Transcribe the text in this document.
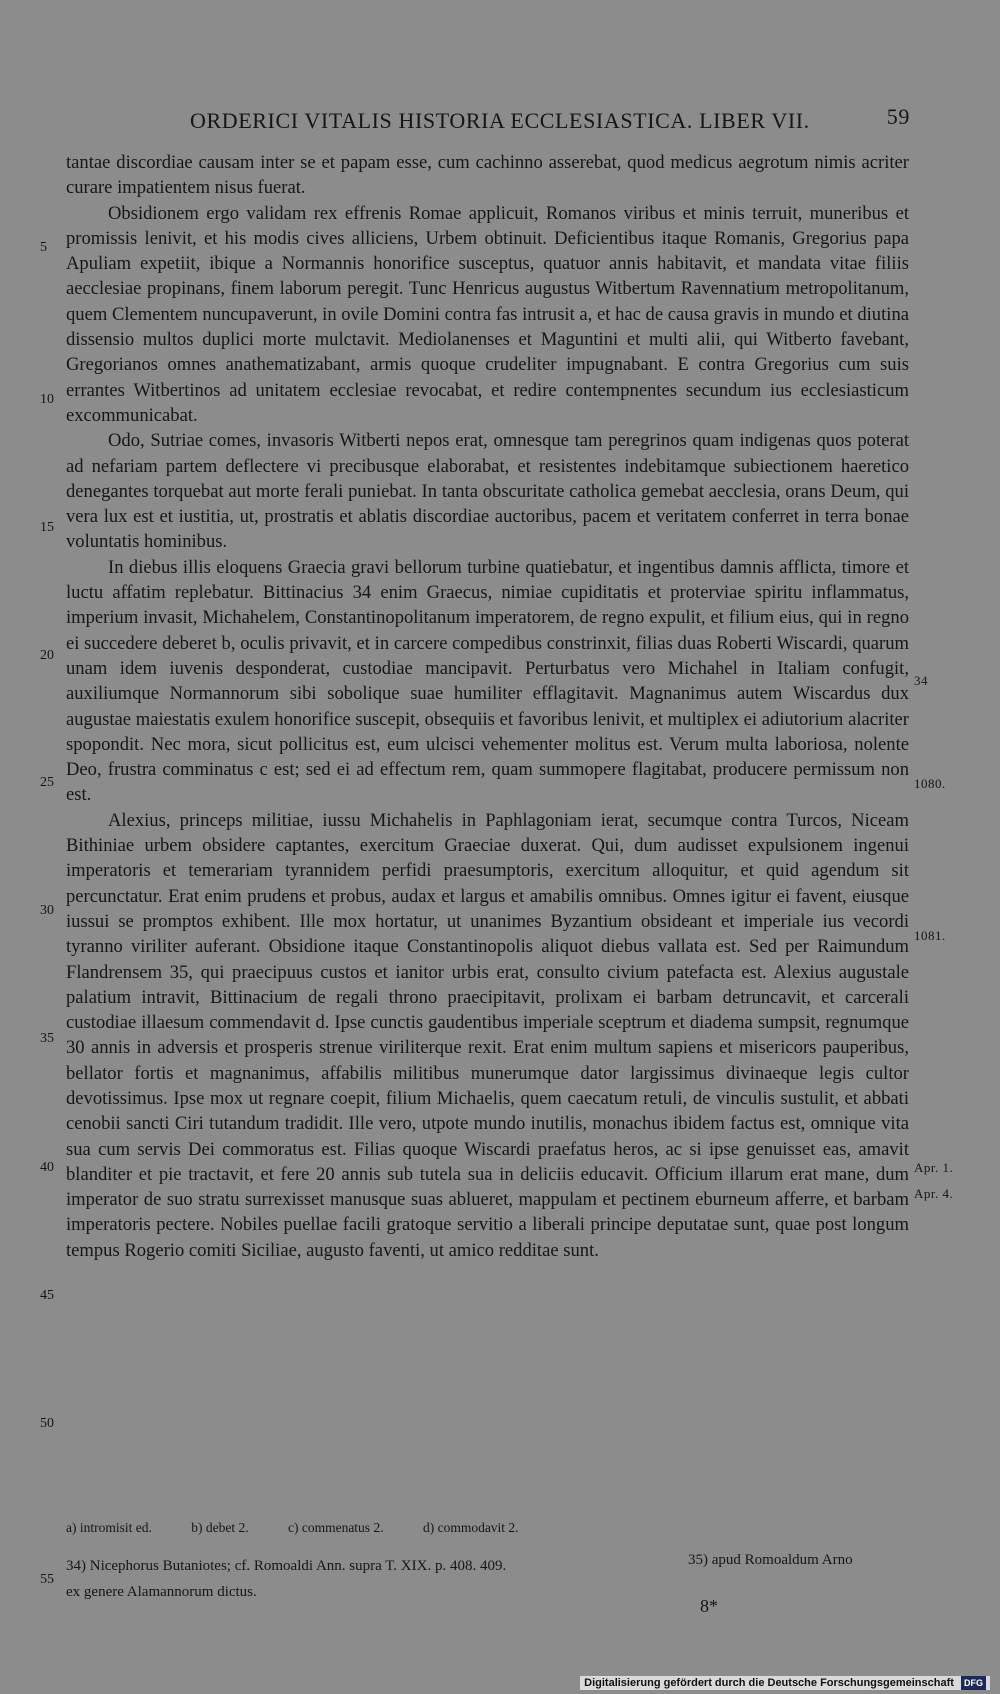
ORDERICI VITALIS HISTORIA ECCLESIASTICA. LIBER VII.	59

tantae discordiae causam inter se et papam esse, cum cachinno asserebat, quod medicus aegrotum nimis acriter curare impatientem nisus fuerat.

Obsidionem ergo validam rex effrenis Romae applicuit, Romanos viribus et minis terruit, muneribus et promissis lenivit, et his modis cives alliciens, Urbem obtinuit. Deficientibus itaque Romanis, Gregorius papa Apuliam expetiit, ibique a Normannis honorifice susceptus, quatuor annis habitavit, et mandata vitae filiis aecclesiae propinans, finem laborum peregit. Tunc Henricus augustus Witbertum Ravennatium metropolitanum, quem Clementem nuncupaverunt, in ovile Domini contra fas intrusit a, et hac de causa gravis in mundo et diutina dissensio multos duplici morte mulctavit. Mediolanenses et Maguntini et multi alii, qui Witberto favebant, Gregorianos omnes anathematizabant, armis quoque crudeliter impugnabant. E contra Gregorius cum suis errantes Witbertinos ad unitatem ecclesiae revocabat, et redire contempnentes secundum ius ecclesiasticum excommunicabat.

Odo, Sutriae comes, invasoris Witberti nepos erat, omnesque tam peregrinos quam indigenas quos poterat ad nefariam partem deflectere vi precibusque elaborabat, et resistentes indebitamque subiectionem haeretico denegantes torquebat aut morte ferali puniebat. In tanta obscuritate catholica gemebat aecclesia, orans Deum, qui vera lux est et iustitia, ut, prostratis et ablatis discordiae auctoribus, pacem et veritatem conferret in terra bonae voluntatis hominibus.

In diebus illis eloquens Graecia gravi bellorum turbine quatiebatur, et ingentibus damnis afflicta, timore et luctu affatim replebatur. Bittinacius 34 enim Graecus, nimiae cupiditatis et proterviae spiritu inflammatus, imperium invasit, Michahelem, Constantinopolitanum imperatorem, de regno expulit, et filium eius, qui in regno ei succedere deberet b, oculis privavit, et in carcere compedibus constrinxit, filias duas Roberti Wiscardi, quarum unam idem iuvenis desponderat, custodiae mancipavit. Perturbatus vero Michahel in Italiam confugit, auxiliumque Normannorum sibi sobolique suae humiliter efflagitavit. Magnanimus autem Wiscardus dux augustae maiestatis exulem honorifice suscepit, obsequiis et favoribus lenivit, et multiplex ei adiutorium alacriter spopondit. Nec mora, sicut pollicitus est, eum ulcisci vehementer molitus est. Verum multa laboriosa, nolente Deo, frustra comminatus c est; sed ei ad effectum rem, quam summopere flagitabat, producere permissum non est.

Alexius, princeps militiae, iussu Michahelis in Paphlagoniam ierat, secumque contra Turcos, Niceam Bithiniae urbem obsidere captantes, exercitum Graeciae duxerat. Qui, dum audisset expulsionem ingenui imperatoris et temerariam tyrannidem perfidi praesumptoris, exercitum alloquitur, et quid agendum sit percunctatur. Erat enim prudens et probus, audax et largus et amabilis omnibus. Omnes igitur ei favent, eiusque iussui se promptos exhibent. Ille mox hortatur, ut unanimes Byzantium obsideant et imperiale ius vecordi tyranno viriliter auferant. Obsidione itaque Constantinopolis aliquot diebus vallata est. Sed per Raimundum Flandrensem 35, qui praecipuus custos et ianitor urbis erat, consulto civium patefacta est. Alexius augustale palatium intravit, Bittinacium de regali throno praecipitavit, prolixam ei barbam detruncavit, et carcerali custodiae illaesum commendavit d. Ipse cunctis gaudentibus imperiale sceptrum et diadema sumpsit, regnumque 30 annis in adversis et prosperis strenue viriliterque rexit. Erat enim multum sapiens et misericors pauperibus, bellator fortis et magnanimus, affabilis militibus munerumque dator largissimus divinaeque legis cultor devotissimus. Ipse mox ut regnare coepit, filium Michaelis, quem caecatum retuli, de vinculis sustulit, et abbati cenobii sancti Ciri tutandum tradidit. Ille vero, utpote mundo inutilis, monachus ibidem factus est, omnique vita sua cum servis Dei commoratus est. Filias quoque Wiscardi praefatus heros, ac si ipse genuisset eas, amavit blanditer et pie tractavit, et fere 20 annis sub tutela sua in deliciis educavit. Officium illarum erat mane, dum imperator de suo stratu surrexisset manusque suas ablueret, mappulam et pectinem eburneum afferre, et barbam imperatoris pectere. Nobiles puellae facili gratoque servitio a liberali principe deputatae sunt, quae post longum tempus Rogerio comiti Siciliae, augusto faventi, ut amico redditae sunt.

5
10
15
20
25
30
35
40
45
50
55
34
1080.
1081.
Apr. 1.
Apr. 4.
a) intromisit ed.	b) debet 2.	c) commenatus 2.	d) commodavit 2.
34) Nicephorus Butaniotes; cf. Romoaldi Ann. supra T. XIX. p. 408. 409.	35) apud Romoaldum Arno
ex genere Alamannorum dictus.
8*
Digitalisierung gefördert durch die Deutsche Forschungsgemeinschaft DFG
